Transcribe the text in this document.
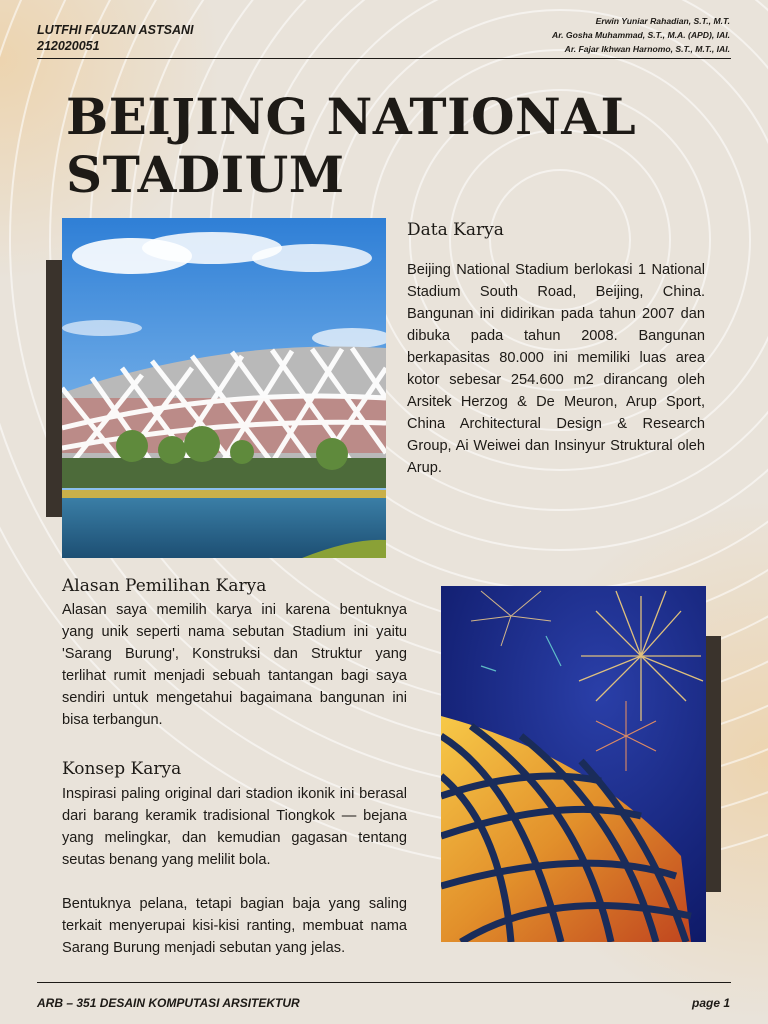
LUTFHI FAUZAN ASTSANI
212020051
Erwin Yuniar Rahadian, S.T., M.T.
Ar. Gosha Muhammad, S.T., M.A. (APD), IAI.
Ar. Fajar Ikhwan Harnomo, S.T., M.T., IAI.
BEIJING NATIONAL
STADIUM
Data Karya

Beijing National Stadium berlokasi 1 National Stadium South Road, Beijing, China. Bangunan ini didirikan pada tahun 2007 dan dibuka pada tahun 2008. Bangunan berkapasitas 80.000 ini memiliki luas area kotor sebesar 254.600 m2 dirancang oleh Arsitek Herzog & De Meuron, Arup Sport, China Architectural Design & Research Group, Ai Weiwei dan Insinyur Struktural oleh Arup.

Alasan Pemilihan Karya

Alasan saya memilih karya ini karena bentuknya yang unik seperti nama sebutan Stadium ini yaitu 'Sarang Burung', Konstruksi dan Struktur yang terlihat rumit menjadi sebuah tantangan bagi saya sendiri untuk mengetahui bagaimana bangunan ini bisa terbangun.

Konsep Karya

Inspirasi paling original dari stadion ikonik ini berasal dari barang keramik tradisional Tiongkok — bejana yang melingkar, dan kemudian gagasan tentang seutas benang yang melilit bola.

Bentuknya pelana, tetapi bagian baja yang saling terkait menyerupai kisi-kisi ranting, membuat nama Sarang Burung menjadi sebutan yang jelas.

ARB – 351 DESAIN KOMPUTASI ARSITEKTUR	page 1
